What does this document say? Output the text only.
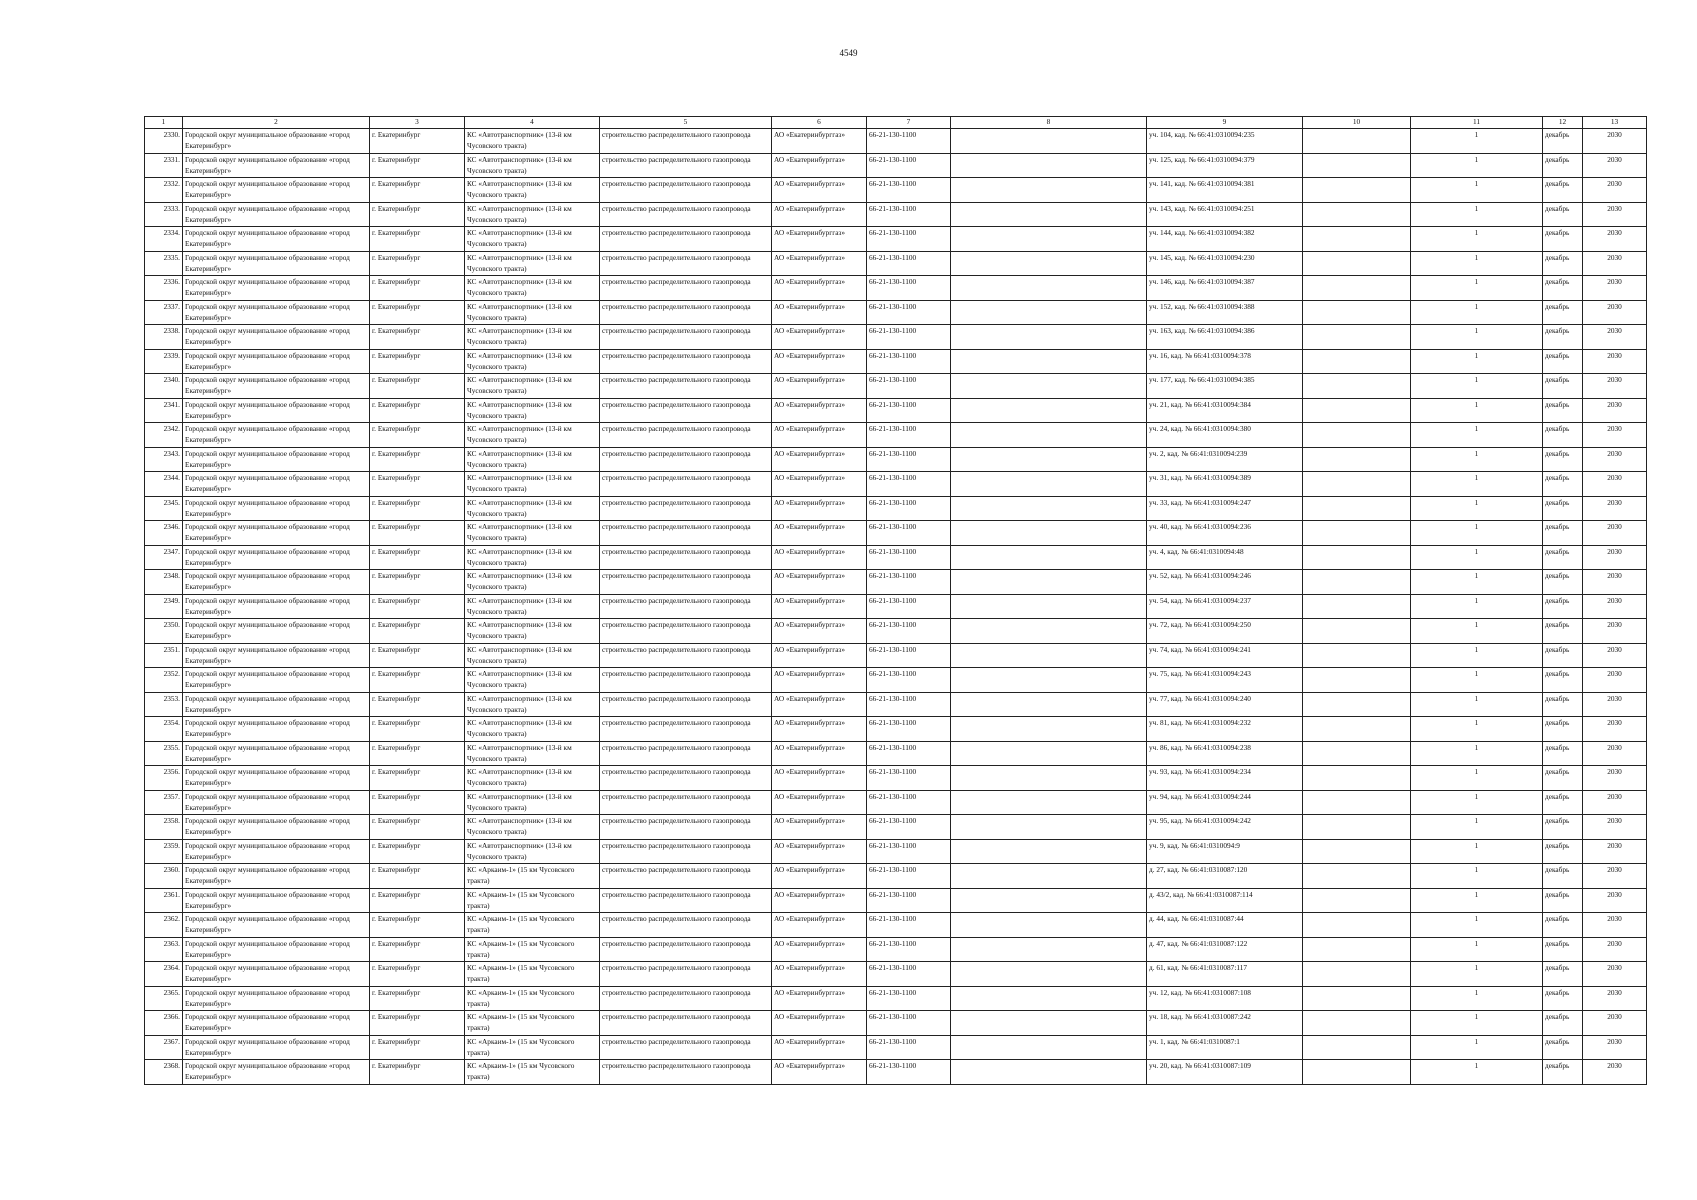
4549
1	2	3	4	5	6	7	8	9	10	11	12	13
2330.	Городской округ муниципальное образование «город Екатеринбург»	г. Екатеринбург	КС «Автотранспортник» (13-й км Чусовского тракта)	строительство распределительного газопровода	АО «Екатеринбурггаз»	66-21-130-1100		уч. 104, кад. № 66:41:0310094:235		1	декабрь	2030
2331.	Городской округ муниципальное образование «город Екатеринбург»	г. Екатеринбург	КС «Автотранспортник» (13-й км Чусовского тракта)	строительство распределительного газопровода	АО «Екатеринбурггаз»	66-21-130-1100		уч. 125, кад. № 66:41:0310094:379		1	декабрь	2030
2332.	Городской округ муниципальное образование «город Екатеринбург»	г. Екатеринбург	КС «Автотранспортник» (13-й км Чусовского тракта)	строительство распределительного газопровода	АО «Екатеринбурггаз»	66-21-130-1100		уч. 141, кад. № 66:41:0310094:381		1	декабрь	2030
2333.	Городской округ муниципальное образование «город Екатеринбург»	г. Екатеринбург	КС «Автотранспортник» (13-й км Чусовского тракта)	строительство распределительного газопровода	АО «Екатеринбурггаз»	66-21-130-1100		уч. 143, кад. № 66:41:0310094:251		1	декабрь	2030
2334.	Городской округ муниципальное образование «город Екатеринбург»	г. Екатеринбург	КС «Автотранспортник» (13-й км Чусовского тракта)	строительство распределительного газопровода	АО «Екатеринбурггаз»	66-21-130-1100		уч. 144, кад. № 66:41:0310094:382		1	декабрь	2030
2335.	Городской округ муниципальное образование «город Екатеринбург»	г. Екатеринбург	КС «Автотранспортник» (13-й км Чусовского тракта)	строительство распределительного газопровода	АО «Екатеринбурггаз»	66-21-130-1100		уч. 145, кад. № 66:41:0310094:230		1	декабрь	2030
2336.	Городской округ муниципальное образование «город Екатеринбург»	г. Екатеринбург	КС «Автотранспортник» (13-й км Чусовского тракта)	строительство распределительного газопровода	АО «Екатеринбурггаз»	66-21-130-1100		уч. 146, кад. № 66:41:0310094:387		1	декабрь	2030
2337.	Городской округ муниципальное образование «город Екатеринбург»	г. Екатеринбург	КС «Автотранспортник» (13-й км Чусовского тракта)	строительство распределительного газопровода	АО «Екатеринбурггаз»	66-21-130-1100		уч. 152, кад. № 66:41:0310094:388		1	декабрь	2030
2338.	Городской округ муниципальное образование «город Екатеринбург»	г. Екатеринбург	КС «Автотранспортник» (13-й км Чусовского тракта)	строительство распределительного газопровода	АО «Екатеринбурггаз»	66-21-130-1100		уч. 163, кад. № 66:41:0310094:386		1	декабрь	2030
2339.	Городской округ муниципальное образование «город Екатеринбург»	г. Екатеринбург	КС «Автотранспортник» (13-й км Чусовского тракта)	строительство распределительного газопровода	АО «Екатеринбурггаз»	66-21-130-1100		уч. 16, кад. № 66:41:0310094:378		1	декабрь	2030
2340.	Городской округ муниципальное образование «город Екатеринбург»	г. Екатеринбург	КС «Автотранспортник» (13-й км Чусовского тракта)	строительство распределительного газопровода	АО «Екатеринбурггаз»	66-21-130-1100		уч. 177, кад. № 66:41:0310094:385		1	декабрь	2030
2341.	Городской округ муниципальное образование «город Екатеринбург»	г. Екатеринбург	КС «Автотранспортник» (13-й км Чусовского тракта)	строительство распределительного газопровода	АО «Екатеринбурггаз»	66-21-130-1100		уч. 21, кад. № 66:41:0310094:384		1	декабрь	2030
2342.	Городской округ муниципальное образование «город Екатеринбург»	г. Екатеринбург	КС «Автотранспортник» (13-й км Чусовского тракта)	строительство распределительного газопровода	АО «Екатеринбурггаз»	66-21-130-1100		уч. 24, кад. № 66:41:0310094:380		1	декабрь	2030
2343.	Городской округ муниципальное образование «город Екатеринбург»	г. Екатеринбург	КС «Автотранспортник» (13-й км Чусовского тракта)	строительство распределительного газопровода	АО «Екатеринбурггаз»	66-21-130-1100		уч. 2, кад. № 66:41:0310094:239		1	декабрь	2030
2344.	Городской округ муниципальное образование «город Екатеринбург»	г. Екатеринбург	КС «Автотранспортник» (13-й км Чусовского тракта)	строительство распределительного газопровода	АО «Екатеринбурггаз»	66-21-130-1100		уч. 31, кад. № 66:41:0310094:389		1	декабрь	2030
2345.	Городской округ муниципальное образование «город Екатеринбург»	г. Екатеринбург	КС «Автотранспортник» (13-й км Чусовского тракта)	строительство распределительного газопровода	АО «Екатеринбурггаз»	66-21-130-1100		уч. 33, кад. № 66:41:0310094:247		1	декабрь	2030
2346.	Городской округ муниципальное образование «город Екатеринбург»	г. Екатеринбург	КС «Автотранспортник» (13-й км Чусовского тракта)	строительство распределительного газопровода	АО «Екатеринбурггаз»	66-21-130-1100		уч. 40, кад. № 66:41:0310094:236		1	декабрь	2030
2347.	Городской округ муниципальное образование «город Екатеринбург»	г. Екатеринбург	КС «Автотранспортник» (13-й км Чусовского тракта)	строительство распределительного газопровода	АО «Екатеринбурггаз»	66-21-130-1100		уч. 4, кад. № 66:41:0310094:48		1	декабрь	2030
2348.	Городской округ муниципальное образование «город Екатеринбург»	г. Екатеринбург	КС «Автотранспортник» (13-й км Чусовского тракта)	строительство распределительного газопровода	АО «Екатеринбурггаз»	66-21-130-1100		уч. 52, кад. № 66:41:0310094:246		1	декабрь	2030
2349.	Городской округ муниципальное образование «город Екатеринбург»	г. Екатеринбург	КС «Автотранспортник» (13-й км Чусовского тракта)	строительство распределительного газопровода	АО «Екатеринбурггаз»	66-21-130-1100		уч. 54, кад. № 66:41:0310094:237		1	декабрь	2030
2350.	Городской округ муниципальное образование «город Екатеринбург»	г. Екатеринбург	КС «Автотранспортник» (13-й км Чусовского тракта)	строительство распределительного газопровода	АО «Екатеринбурггаз»	66-21-130-1100		уч. 72, кад. № 66:41:0310094:250		1	декабрь	2030
2351.	Городской округ муниципальное образование «город Екатеринбург»	г. Екатеринбург	КС «Автотранспортник» (13-й км Чусовского тракта)	строительство распределительного газопровода	АО «Екатеринбурггаз»	66-21-130-1100		уч. 74, кад. № 66:41:0310094:241		1	декабрь	2030
2352.	Городской округ муниципальное образование «город Екатеринбург»	г. Екатеринбург	КС «Автотранспортник» (13-й км Чусовского тракта)	строительство распределительного газопровода	АО «Екатеринбурггаз»	66-21-130-1100		уч. 75, кад. № 66:41:0310094:243		1	декабрь	2030
2353.	Городской округ муниципальное образование «город Екатеринбург»	г. Екатеринбург	КС «Автотранспортник» (13-й км Чусовского тракта)	строительство распределительного газопровода	АО «Екатеринбурггаз»	66-21-130-1100		уч. 77, кад. № 66:41:0310094:240		1	декабрь	2030
2354.	Городской округ муниципальное образование «город Екатеринбург»	г. Екатеринбург	КС «Автотранспортник» (13-й км Чусовского тракта)	строительство распределительного газопровода	АО «Екатеринбурггаз»	66-21-130-1100		уч. 81, кад. № 66:41:0310094:232		1	декабрь	2030
2355.	Городской округ муниципальное образование «город Екатеринбург»	г. Екатеринбург	КС «Автотранспортник» (13-й км Чусовского тракта)	строительство распределительного газопровода	АО «Екатеринбурггаз»	66-21-130-1100		уч. 86, кад. № 66:41:0310094:238		1	декабрь	2030
2356.	Городской округ муниципальное образование «город Екатеринбург»	г. Екатеринбург	КС «Автотранспортник» (13-й км Чусовского тракта)	строительство распределительного газопровода	АО «Екатеринбурггаз»	66-21-130-1100		уч. 93, кад. № 66:41:0310094:234		1	декабрь	2030
2357.	Городской округ муниципальное образование «город Екатеринбург»	г. Екатеринбург	КС «Автотранспортник» (13-й км Чусовского тракта)	строительство распределительного газопровода	АО «Екатеринбурггаз»	66-21-130-1100		уч. 94, кад. № 66:41:0310094:244		1	декабрь	2030
2358.	Городской округ муниципальное образование «город Екатеринбург»	г. Екатеринбург	КС «Автотранспортник» (13-й км Чусовского тракта)	строительство распределительного газопровода	АО «Екатеринбурггаз»	66-21-130-1100		уч. 95, кад. № 66:41:0310094:242		1	декабрь	2030
2359.	Городской округ муниципальное образование «город Екатеринбург»	г. Екатеринбург	КС «Автотранспортник» (13-й км Чусовского тракта)	строительство распределительного газопровода	АО «Екатеринбурггаз»	66-21-130-1100		уч. 9, кад. № 66:41:0310094:9		1	декабрь	2030
2360.	Городской округ муниципальное образование «город Екатеринбург»	г. Екатеринбург	КС «Аркаим-1» (15 км Чусовского тракта)	строительство распределительного газопровода	АО «Екатеринбурггаз»	66-21-130-1100		д. 27, кад. № 66:41:0310087:120		1	декабрь	2030
2361.	Городской округ муниципальное образование «город Екатеринбург»	г. Екатеринбург	КС «Аркаим-1» (15 км Чусовского тракта)	строительство распределительного газопровода	АО «Екатеринбурггаз»	66-21-130-1100		д. 43/2, кад. № 66:41:0310087:114		1	декабрь	2030
2362.	Городской округ муниципальное образование «город Екатеринбург»	г. Екатеринбург	КС «Аркаим-1» (15 км Чусовского тракта)	строительство распределительного газопровода	АО «Екатеринбурггаз»	66-21-130-1100		д. 44, кад. № 66:41:0310087:44		1	декабрь	2030
2363.	Городской округ муниципальное образование «город Екатеринбург»	г. Екатеринбург	КС «Аркаим-1» (15 км Чусовского тракта)	строительство распределительного газопровода	АО «Екатеринбурггаз»	66-21-130-1100		д. 47, кад. № 66:41:0310087:122		1	декабрь	2030
2364.	Городской округ муниципальное образование «город Екатеринбург»	г. Екатеринбург	КС «Аркаим-1» (15 км Чусовского тракта)	строительство распределительного газопровода	АО «Екатеринбурггаз»	66-21-130-1100		д. 61, кад. № 66:41:0310087:117		1	декабрь	2030
2365.	Городской округ муниципальное образование «город Екатеринбург»	г. Екатеринбург	КС «Аркаим-1» (15 км Чусовского тракта)	строительство распределительного газопровода	АО «Екатеринбурггаз»	66-21-130-1100		уч. 12, кад. № 66:41:0310087:108		1	декабрь	2030
2366.	Городской округ муниципальное образование «город Екатеринбург»	г. Екатеринбург	КС «Аркаим-1» (15 км Чусовского тракта)	строительство распределительного газопровода	АО «Екатеринбурггаз»	66-21-130-1100		уч. 18, кад. № 66:41:0310087:242		1	декабрь	2030
2367.	Городской округ муниципальное образование «город Екатеринбург»	г. Екатеринбург	КС «Аркаим-1» (15 км Чусовского тракта)	строительство распределительного газопровода	АО «Екатеринбурггаз»	66-21-130-1100		уч. 1, кад. № 66:41:0310087:1		1	декабрь	2030
2368.	Городской округ муниципальное образование «город Екатеринбург»	г. Екатеринбург	КС «Аркаим-1» (15 км Чусовского тракта)	строительство распределительного газопровода	АО «Екатеринбурггаз»	66-21-130-1100		уч. 20, кад. № 66:41:0310087:109		1	декабрь	2030
